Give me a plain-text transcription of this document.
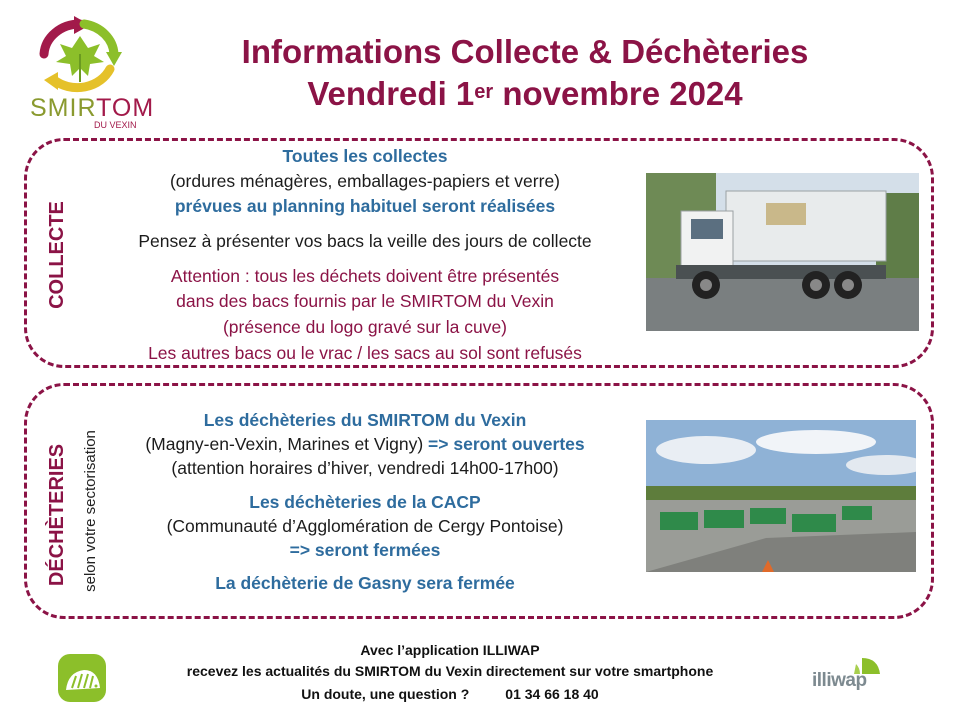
SMIRTOM
DU VEXIN
Informations Collecte & Déchèteries
Vendredi 1er novembre 2024
COLLECTE
Toutes les collectes
(ordures ménagères, emballages-papiers et verre)
prévues au planning habituel seront réalisées
Pensez à présenter vos bacs la veille des jours de collecte
Attention : tous les déchets doivent être présentés
dans des bacs fournis par le SMIRTOM du Vexin
(présence du logo gravé sur la cuve)
Les autres bacs ou le vrac / les sacs au sol sont refusés
DÉCHÈTERIES selon votre sectorisation
Les déchèteries du SMIRTOM du Vexin
(Magny-en-Vexin, Marines et Vigny) => seront ouvertes
(attention horaires d’hiver, vendredi 14h00-17h00)
Les déchèteries de la CACP
(Communauté d’Agglomération de Cergy Pontoise)
=> seront fermées
La déchèterie de Gasny sera fermée
Avec l’application ILLIWAP
recevez les actualités du SMIRTOM du Vexin directement sur votre smartphone
Un doute, une question ?	01 34 66 18 40
illiwap
